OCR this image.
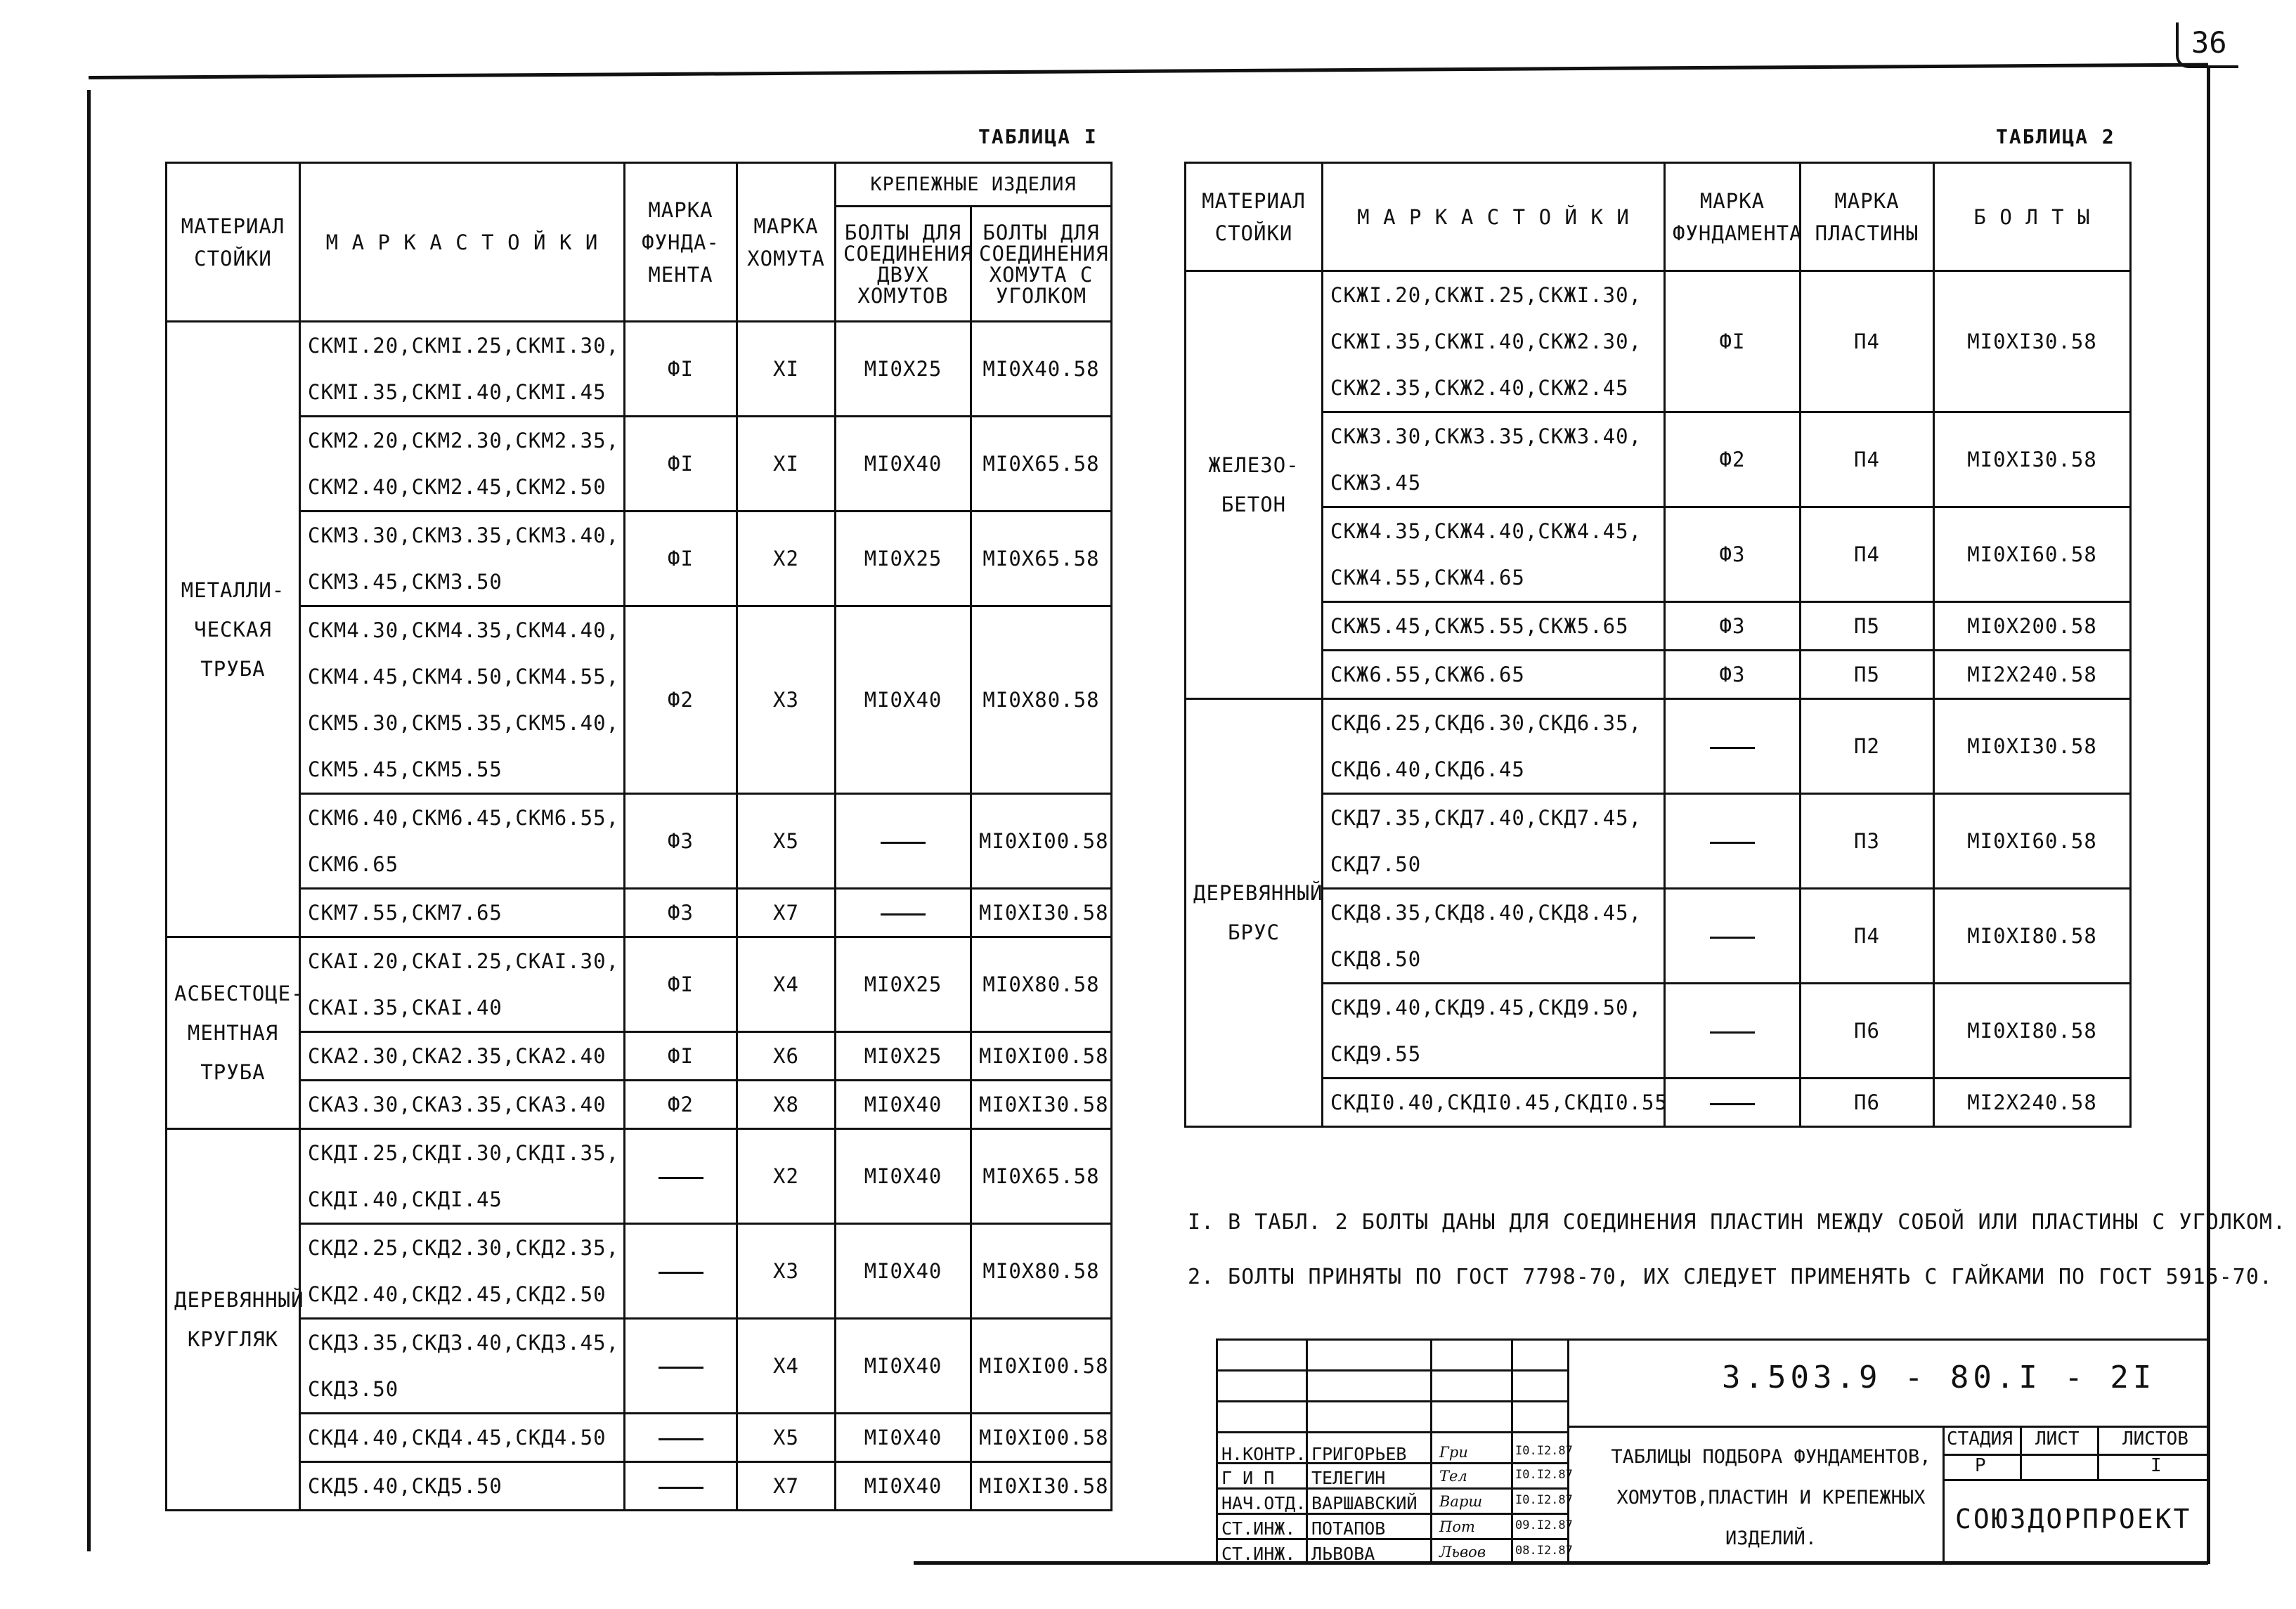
36
ТАБЛИЦА I
МАТЕРИАЛ СТОЙКИ	М А Р К А С Т О Й К И	МАРКА ФУНДА- МЕНТА	МАРКА ХОМУТА	КРЕПЕЖНЫЕ ИЗДЕЛИЯ	
				БОЛТЫ ДЛЯ СОЕДИНЕНИЯ ДВУХ ХОМУТОВ	БОЛТЫ ДЛЯ СОЕДИНЕНИЯ ХОМУТА С УГОЛКОМ
МЕТАЛЛИ- ЧЕСКАЯ ТРУБА	СКМI.20,СКМI.25,СКМI.30,
СКМI.35,СКМI.40,СКМI.45	ФI	ХI	МI0Х25	МI0Х40.58

	СКМ2.20,СКМ2.30,СКМ2.35,
СКМ2.40,СКМ2.45,СКМ2.50	ФI	ХI	МI0Х40	МI0Х65.58

	СКМ3.30,СКМ3.35,СКМ3.40,
СКМ3.45,СКМ3.50	ФI	Х2	МI0Х25	МI0Х65.58

	СКМ4.30,СКМ4.35,СКМ4.40,
СКМ4.45,СКМ4.50,СКМ4.55,
СКМ5.30,СКМ5.35,СКМ5.40,
СКМ5.45,СКМ5.55	Ф2	Х3	МI0Х40	МI0Х80.58

	СКМ6.40,СКМ6.45,СКМ6.55,
СКМ6.65	Ф3	Х5		МI0ХI00.58

	СКМ7.55,СКМ7.65	Ф3	Х7		МI0ХI30.58
АСБЕСТОЦЕ- МЕНТНАЯ ТРУБА	СКАI.20,СКАI.25,СКАI.30,
СКАI.35,СКАI.40	ФI	Х4	МI0Х25	МI0Х80.58

	СКА2.30,СКА2.35,СКА2.40	ФI	Х6	МI0Х25	МI0ХI00.58

	СКА3.30,СКА3.35,СКА3.40	Ф2	Х8	МI0Х40	МI0ХI30.58
ДЕРЕВЯННЫЙ КРУГЛЯК	СКДI.25,СКДI.30,СКДI.35,
СКДI.40,СКДI.45		Х2	МI0Х40	МI0Х65.58

	СКД2.25,СКД2.30,СКД2.35,
СКД2.40,СКД2.45,СКД2.50		Х3	МI0Х40	МI0Х80.58

	СКД3.35,СКД3.40,СКД3.45,
СКД3.50		Х4	МI0Х40	МI0ХI00.58

	СКД4.40,СКД4.45,СКД4.50		Х5	МI0Х40	МI0ХI00.58

	СКД5.40,СКД5.50		Х7	МI0Х40	МI0ХI30.58
ТАБЛИЦА 2
МАТЕРИАЛ СТОЙКИ	М А Р К А С Т О Й К И	МАРКА ФУНДАМЕНТА	МАРКА ПЛАСТИНЫ	Б О Л Т Ы
ЖЕЛЕЗО- БЕТОН	СКЖI.20,СКЖI.25,СКЖI.30,
СКЖI.35,СКЖI.40,СКЖ2.30,
СКЖ2.35,СКЖ2.40,СКЖ2.45	ФI	П4	МI0ХI30.58

	СКЖ3.30,СКЖ3.35,СКЖ3.40,
СКЖ3.45	Ф2	П4	МI0ХI30.58

	СКЖ4.35,СКЖ4.40,СКЖ4.45,
СКЖ4.55,СКЖ4.65	Ф3	П4	МI0ХI60.58

	СКЖ5.45,СКЖ5.55,СКЖ5.65	Ф3	П5	МI0Х200.58

	СКЖ6.55,СКЖ6.65	Ф3	П5	МI2Х240.58
ДЕРЕВЯННЫЙ БРУС	СКД6.25,СКД6.30,СКД6.35,
СКД6.40,СКД6.45		П2	МI0ХI30.58

	СКД7.35,СКД7.40,СКД7.45,
СКД7.50		П3	МI0ХI60.58

	СКД8.35,СКД8.40,СКД8.45,
СКД8.50		П4	МI0ХI80.58

	СКД9.40,СКД9.45,СКД9.50,
СКД9.55		П6	МI0ХI80.58

	СКДI0.40,СКДI0.45,СКДI0.55		П6	МI2Х240.58
I. В ТАБЛ. 2 БОЛТЫ ДАНЫ ДЛЯ СОЕДИНЕНИЯ ПЛАСТИН МЕЖДУ СОБОЙ ИЛИ ПЛАСТИНЫ С УГОЛКОМ.
2. БОЛТЫ ПРИНЯТЫ ПО ГОСТ 7798-70, ИХ СЛЕДУЕТ ПРИМЕНЯТЬ С ГАЙКАМИ ПО ГОСТ 5915-70.
Н.КОНТР. ГРИГОРЬЕВ Гри	I0.I2.87
Г И П ТЕЛЕГИН	Тел	I0.I2.87
НАЧ.ОТД. ВАРШАВСКИЙ Варш	I0.I2.87
СТ.ИНЖ. ПОТАПОВ	Пот	09.I2.87
СТ.ИНЖ. ЛЬВОВА	Львов 08.I2.87
3.503.9 - 80.I - 2I
ТАБЛИЦЫ ПОДБОРА ФУНДАМЕНТОВ, ХОМУТОВ,ПЛАСТИН И КРЕПЕЖНЫХ ИЗДЕЛИЙ.
СТАДИЯ ЛИСТ ЛИСТОВ
Р	I
СОЮЗДОРПРОЕКТ
